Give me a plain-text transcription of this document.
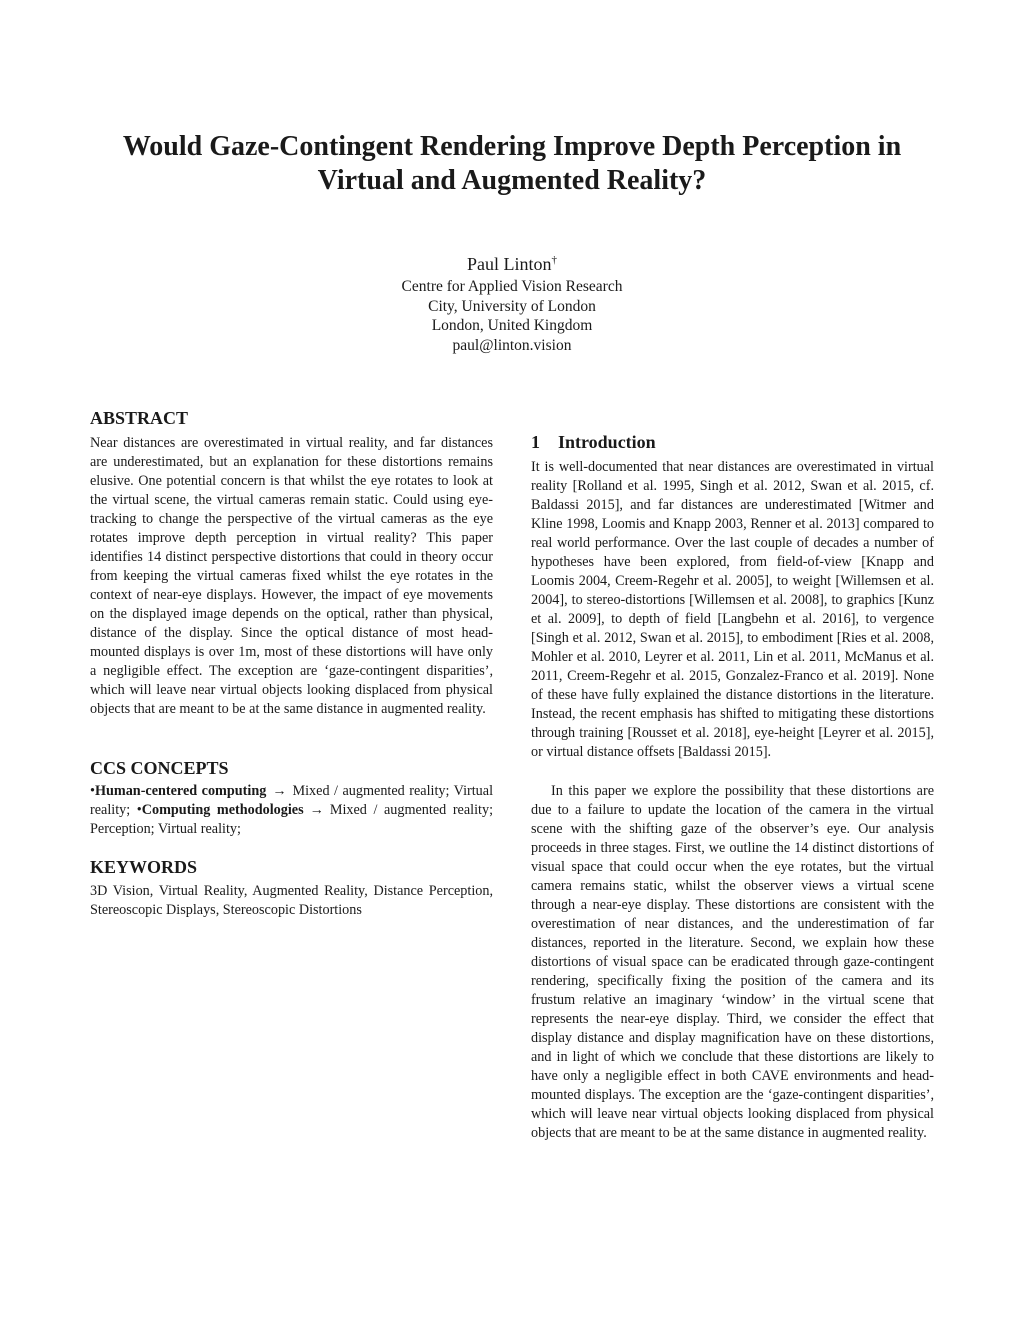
Would Gaze-Contingent Rendering Improve Depth Perception in
Virtual and Augmented Reality?
Paul Linton†
Centre for Applied Vision Research
City, University of London
London, United Kingdom
paul@linton.vision
ABSTRACT

Near distances are overestimated in virtual reality, and far distances are underestimated, but an explanation for these distortions remains elusive. One potential concern is that whilst the eye rotates to look at the virtual scene, the virtual cameras remain static. Could using eye-tracking to change the perspective of the virtual cameras as the eye rotates improve depth perception in virtual reality? This paper identifies 14 distinct perspective distortions that could in theory occur from keeping the virtual cameras fixed whilst the eye rotates in the context of near-eye displays. However, the impact of eye movements on the displayed image depends on the optical, rather than physical, distance of the display. Since the optical distance of most head-mounted displays is over 1m, most of these distortions will have only a negligible effect. The exception are ‘gaze-contingent disparities’, which will leave near virtual objects looking displaced from physical objects that are meant to be at the same distance in augmented reality.

CCS CONCEPTS

•Human-centered computing → Mixed / augmented reality; Virtual reality; •Computing methodologies → Mixed / augmented reality; Perception; Virtual reality;

KEYWORDS

3D Vision, Virtual Reality, Augmented Reality, Distance Perception, Stereoscopic Displays, Stereoscopic Distortions

1 Introduction

It is well-documented that near distances are overestimated in virtual reality [Rolland et al. 1995, Singh et al. 2012, Swan et al. 2015, cf. Baldassi 2015], and far distances are underestimated [Witmer and Kline 1998, Loomis and Knapp 2003, Renner et al. 2013] compared to real world performance. Over the last couple of decades a number of hypotheses have been explored, from field-of-view [Knapp and Loomis 2004, Creem-Regehr et al. 2005], to weight [Willemsen et al. 2004], to stereo-distortions [Willemsen et al. 2008], to graphics [Kunz et al. 2009], to depth of field [Langbehn et al. 2016], to vergence [Singh et al. 2012, Swan et al. 2015], to embodiment [Ries et al. 2008, Mohler et al. 2010, Leyrer et al. 2011, Lin et al. 2011, McManus et al. 2011, Creem-Regehr et al. 2015, Gonzalez-Franco et al. 2019]. None of these have fully explained the distance distortions in the literature. Instead, the recent emphasis has shifted to mitigating these distortions through training [Rousset et al. 2018], eye-height [Leyrer et al. 2015], or virtual distance offsets [Baldassi 2015].

In this paper we explore the possibility that these distortions are due to a failure to update the location of the camera in the virtual scene with the shifting gaze of the observer’s eye. Our analysis proceeds in three stages. First, we outline the 14 distinct distortions of visual space that could occur when the eye rotates, but the virtual camera remains static, whilst the observer views a virtual scene through a near-eye display. These distortions are consistent with the overestimation of near distances, and the underestimation of far distances, reported in the literature. Second, we explain how these distortions of visual space can be eradicated through gaze-contingent rendering, specifically fixing the position of the camera and its frustum relative an imaginary ‘window’ in the virtual scene that represents the near-eye display. Third, we consider the effect that display distance and display magnification have on these distortions, and in light of which we conclude that these distortions are likely to have only a negligible effect in both CAVE environments and head-mounted displays. The exception are the ‘gaze-contingent disparities’, which will leave near virtual objects looking displaced from physical objects that are meant to be at the same distance in augmented reality.
